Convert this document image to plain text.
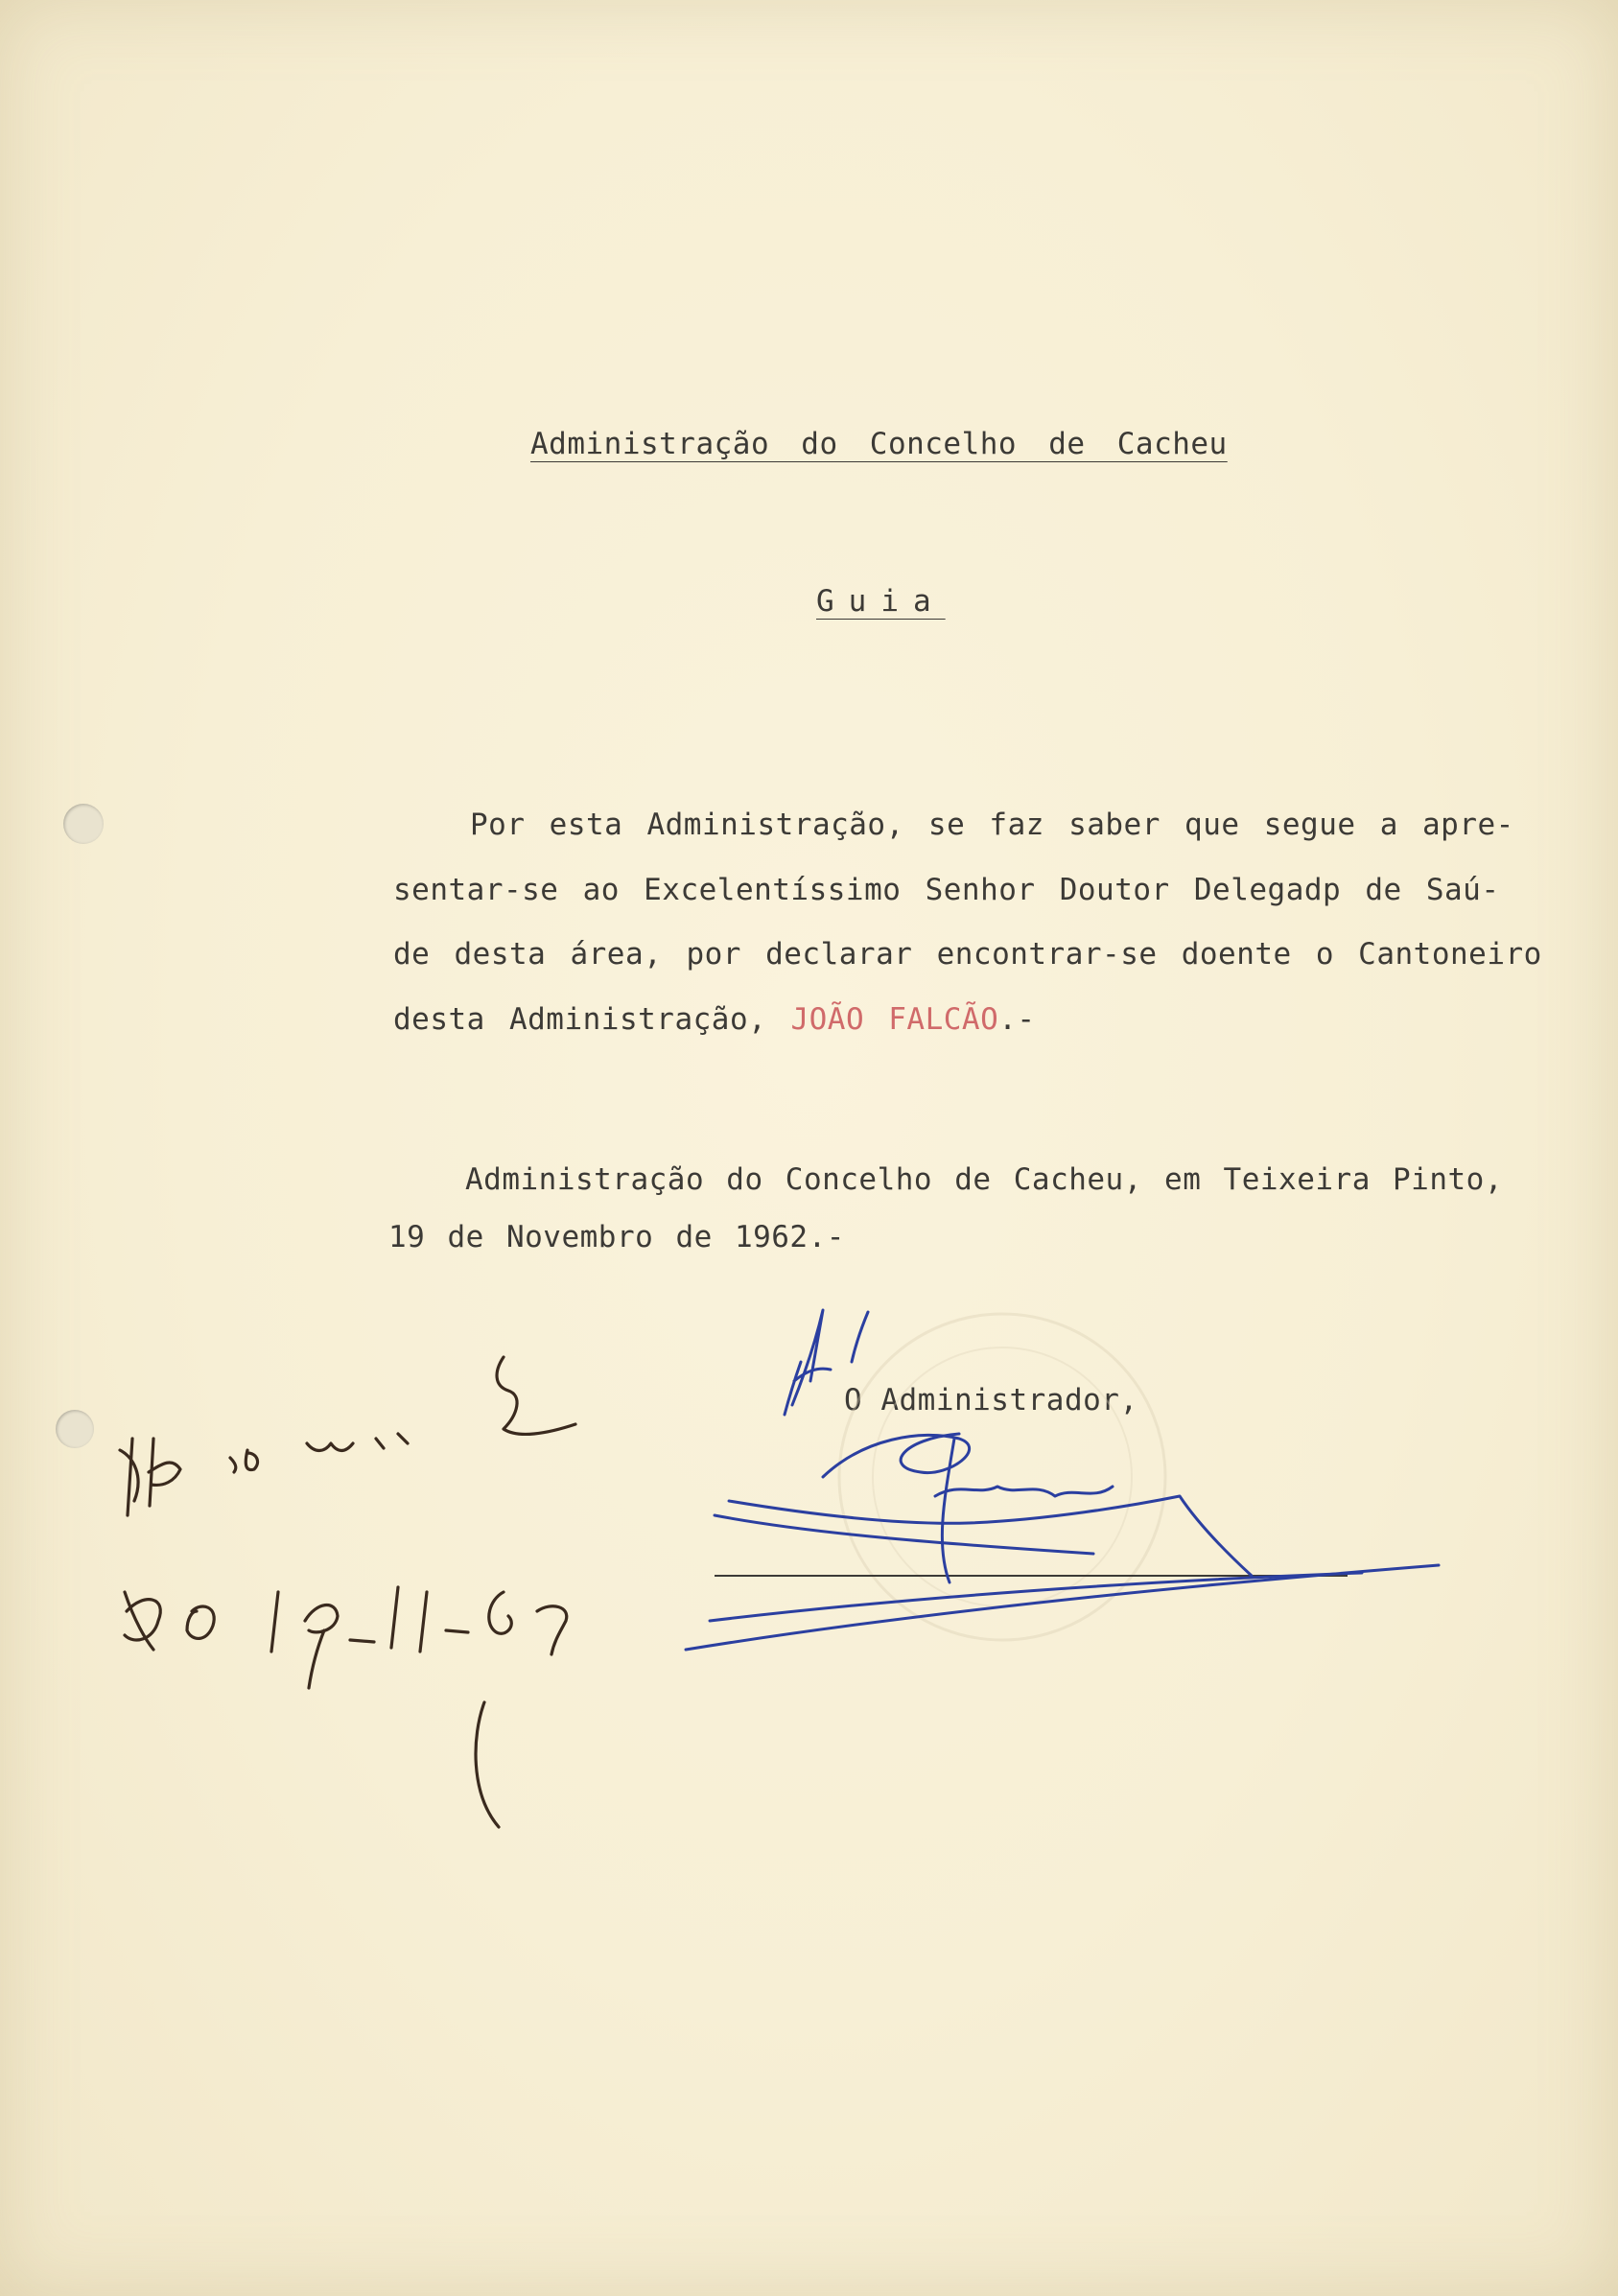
Administração do Concelho de Cacheu
Guia
Por esta Administração, se faz saber que segue a apre-
sentar-se ao Excelentíssimo Senhor Doutor Delegadp de Saú-
de desta área, por declarar encontrar-se doente o Cantoneiro
desta Administração, JOÃO FALCÃO.-
Administração do Concelho de Cacheu, em Teixeira Pinto,
19 de Novembro de 1962.-
O Administrador,
